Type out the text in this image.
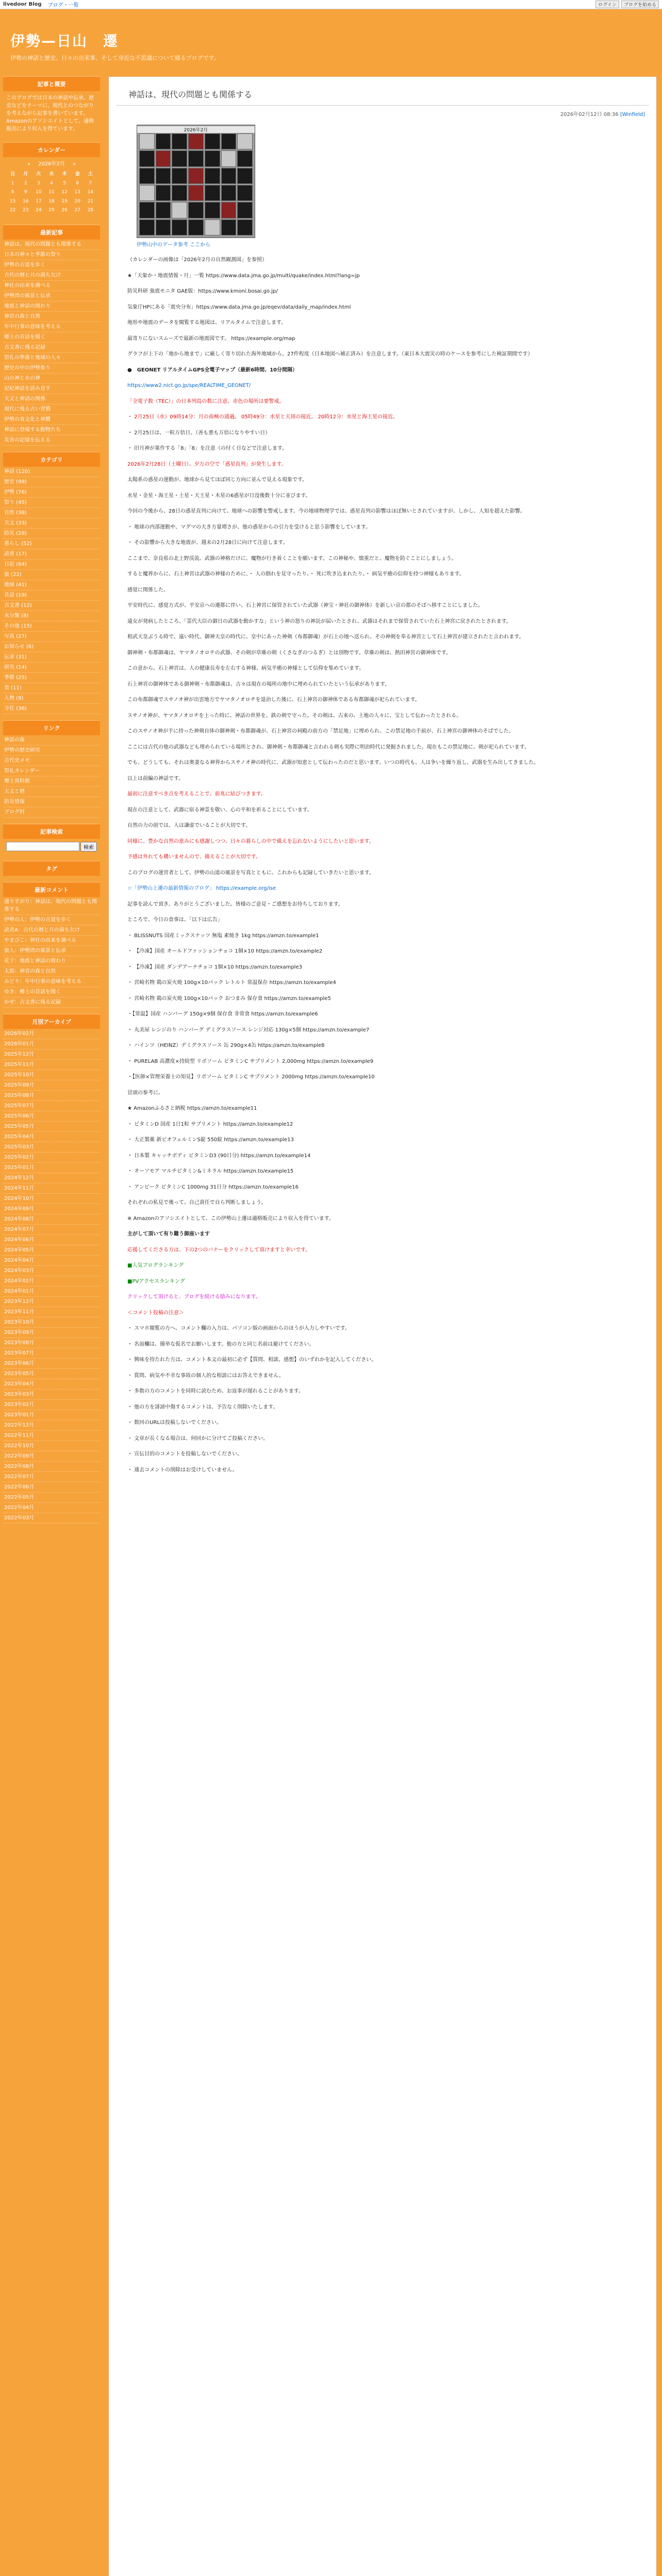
livedoor Blog ブログ・一覧	ログイン	ブログを始める
伊勢—日山　遷
伊勢の神話と歴史、日々の出来事、そして身近な不思議について綴るブログです。
記事と概要
このブログでは日本の神話や伝承、歴史などをテーマに、現代とのつながりを考えながら記事を書いています。Amazonのアソシエイトとして、適格販売により収入を得ています。
カレンダー
« 2026年2月 »
日	月	火	水	木	金	土
1	2	3	4	5	6	7
8	9	10	11	12	13	14
15	16	17	18	19	20	21
22	23	24	25	26	27	28
最新記事
神話は、現代の問題とも関係する
日本の神々と季節の祭り
伊勢の古道を歩く
古代の暦と月の満ち欠け
神社の由来を調べる
伊勢湾の風景と伝承
地震と神話の関わり
神宮の森と自然
年中行事の意味を考える
郷土の昔話を聞く
古文書に残る記録
祭礼の準備と地域の人々
歴史の中の伊勢参り
山の神と水の神
記紀神話を読み直す
天文と神話の関係
現代に残る古い習慣
伊勢の食文化と神饌
神話に登場する動物たち
災害の記憶を伝える
カテゴリ
神話 (120)
歴史 (98)
伊勢 (76)
祭り (45)
自然 (38)
天文 (33)
防災 (28)
暮らし (52)
読書 (17)
日記 (64)
旅 (22)
地域 (41)
昔話 (19)
古文書 (12)
未分類 (8)
その他 (15)
写真 (27)
お知らせ (6)
伝承 (31)
研究 (14)
季節 (25)
食 (11)
人物 (9)
寺社 (36)
リンク
神話の森
伊勢の歴史研究
古代史メモ
祭礼カレンダー
郷土資料館
天文と暦
防災情報
ブログ村
記事検索
検索
タグ
最新コメント
通りすがり：神話は、現代の問題とも関係する
伊勢の人：伊勢の古道を歩く
読者A：古代の暦と月の満ち欠け
やまびこ：神社の由来を調べる
旅人：伊勢湾の風景と伝承
花子：地震と神話の関わり
太郎：神宮の森と自然
みどり：年中行事の意味を考える
ゆき：郷土の昔話を聞く
かぜ：古文書に残る記録
月別アーカイブ
2026年02月
2026年01月
2025年12月
2025年11月
2025年10月
2025年09月
2025年08月
2025年07月
2025年06月
2025年05月
2025年04月
2025年03月
2025年02月
2025年01月
2024年12月
2024年11月
2024年10月
2024年09月
2024年08月
2024年07月
2024年06月
2024年05月
2024年04月
2024年03月
2024年02月
2024年01月
2023年12月
2023年11月
2023年10月
2023年09月
2023年08月
2023年07月
2023年06月
2023年05月
2023年04月
2023年03月
2023年02月
2023年01月
2022年12月
2022年11月
2022年10月
2022年09月
2022年08月
2022年07月
2022年06月
2022年05月
2022年04月
2022年03月
神話は、現代の問題とも関係する
2026年02月12日 08:36 [Winfield]
2026年2月
伊勢山中のデータ参考 ここから

（カレンダーの画像は「2026年2月の自然観測図」を参照）

★「天象か・地震情報・月」一覧 https://www.data.jma.go.jp/multi/quake/index.html?lang=jp

防災科研 強震モニタ GAE版：https://www.kmoni.bosai.go.jp/

気象庁HPにある「震央分布」https://www.data.jma.go.jp/eqev/data/daily_map/index.html

地形や地震のデータを閲覧する地図は、リアルタイムで注意します。

最寄りにないスムーズで最新の地震図です。 https://example.org/map

グラフが上下の「地から地まで」に厳しく寄り切れた海外地域から、27件程度（日本地図へ補正済み）を注意します。（東日本大震災の時のケースを参考にした検証期間です）

●　GEONET リアルタイムGPS全電子マップ（最新6時間、10分間隔）

https://www2.nict.go.jp/spe/REALTIME_GEONET/

「全電子数（TEC）」の日本列島の数に注意。赤色の場所は要警戒。

・ 2月25日（水）09時14分：月の南極の通過。 05時49分：水星と天頂の接近。 20時12分：水星と海王星の接近。

・ 2月25日は、一粒万倍日。（善も悪も万倍になりやすい日）

・ 旧月神が巣作する「8」「8」を注意（の付く日などで注意します。

2026年2月28日（土曜日）、夕方の空で「惑星直列」が発生します。

太陽系の惑星の運動が、地球から見てほぼ同じ方向に並んで見える現象です。

水星・金星・海王星・土星・天王星・木星の6惑星が日没後数十分に並びます。

今回の今後から、28日の惑星直列に向けて、地球への影響を警戒します。今の地球物理学では、惑星直列の影響はほぼ無いとされていますが、しかし、人知を超えた影響。

・ 地球の内部運動や、マグマの大き方量増さが、他の惑星からの引力を受けると思う影響をしています。

・ その影響から大きな地震が、週末の2月28日に向けて注意します。

ここまで、奈良県の北上野渓流、武器の神格だけに、魔物が行き着くことを願います。この神秘や、慎重だと、魔物を防ぐことにしましょう。

すると魔界からに、石上神宮は武器の神様のために、・ 人の倒れを見守ったり。・ 死に吹き込まれたり。・ 病気平癒の信仰を持つ神様もあります。

感覚に関係した。

平安時代に、感覚方式が、平安京への遷都に伴い、石上神宮に保管されていた武器（神宝・神社の御神体）を新しい京の都のそばへ移すことにしました。

遠女が発病したところ、「霊代大臣の御日の武器を動かすな」という神の怒りの神託が届いたとされ、武器はそれまで保管されていた石上神宮に戻されたとされます。

相武天皇ぶうる時で、遠い時代、御神天皇の時代に、皇中にあった神剣（布都御魂）が石上の地へ送られ、その神剣を奉る神宮として石上神宮が建立されたと言われます。

御神剣・布都御魂は、ヤマタノオロチの武器、その剣が草薙の剣（くさなぎのつるぎ）とは別物です。草薙の剣は、熱田神宮の御神体です。

この意から、石上神宮は、人の健康長寿を左右する神様、病気平癒の神様として信仰を集めています。

石上神宮の御神体である御神剣・布都御魂は、古々は現在の場所の地中に埋められていたという伝承があります。

この布都御魂でスサノオ神が出雲地方でヤマタノオロチを退治した後に、石上神宮の御神体である布都御魂が祀られています。

スサノオ神が、ヤマタノオロチを上った時に、神話の世界を、鉄の剣で守った。その剣は、古来の、土地の人々に、宝として伝わったとされる。

このスサノオ神が手に持った神剣自体の御神剣・布都御魂が、石上神宮の祠殿の前方の「禁足地」に埋められ、この禁足地の手前が、石上神宮の御神体のそばでした。

ここには古代の他の武器なども埋められている場所とされ、御神剣・布都御魂と言われる剣も実際に明治時代に発掘されました。現在もこの禁足地に、剣が祀られています。

でも、どうしても、それは奥妻なる神界からスサノオ神の時代に、武器が知恵として伝わったのだと思います。いつの時代も、人は争いを繰り返し、武器を生み出してきました。

以上は前編の神話です。

最初に注意すべき点を考えることで、前兆に結びつきます。

現在の注意として、武器に宿る神霊を敬い、心の平和を祈ることにしています。

自然の力の前では、人は謙虚でいることが大切です。

同様に、豊かな自然の恵みにも感謝しつつ、日々の暮らしの中で備えを忘れないようにしたいと思います。

予感は外れても構いませんので、備えることが大切です。

このブログの運営者として、伊勢の山道の風景を写真とともに、これからも記録していきたいと思います。

☆「伊勢山上遷の最新情報のブログ」 https://example.org/ise

記事を読んで頂き、ありがとうございました。皆様のご意見・ご感想をお待ちしております。

ところで、今日の食事は、「以下は広告」

・ BLISSNUTS 国産ミックスナッツ 無塩 素焼き 1kg https://amzn.to/example1

・ 【冷凍】国産 オールドファッションチョコ 1個×10 https://amzn.to/example2

・ 【冷凍】国産 ダンデアーナチョコ 1個×10 https://amzn.to/example3

・ 宮崎名物 鶏の炭火焼 100g×10パック レトルト 常温保存 https://amzn.to/example4

・ 宮崎名物 鶏の炭火焼 100g×10パック おつまみ 保存食 https://amzn.to/example5

・【常温】国産 ハンバーグ 150g×9個 保存食 非常食 https://amzn.to/example6

・ 丸美屋 レンジのり ハンバーグ デミグラスソース レンジ対応 130g×5個 https://amzn.to/example7

・ ハインツ（HEINZ）デミグラスソース 缶 290g×4缶 https://amzn.to/example8

・ PURELAB 高濃度×持続型 リポソーム ビタミンC サプリメント 2,000mg https://amzn.to/example9

・【医師×管理栄養士の知見】リポソーム ビタミンC サプリメント 2000mg https://amzn.to/example10

冒頭の参考に。

★ Amazonふるさと納税 https://amzn.to/example11

・ ビタミンD 国産 1日1粒 サプリメント https://amzn.to/example12

・ 大正製薬 新ビオフェルミンS錠 550錠 https://amzn.to/example13

・ 日本製 キャッチボディ ビタミンD3 (90日分) https://amzn.to/example14

・ オーソモア マルチビタミン&ミネラル https://amzn.to/example15

・ アンビーク ビタミンC 1000mg 31日分 https://amzn.to/example16

それぞれの私見で後って、自己責任で自ら判断しましょう。

※ Amazonのアソシエイトとして、この伊勢山上遷は適格販売により収入を得ています。

主がして頂いて有り難う御座います

応援してくださる方は、下の2つのバナーをクリックして頂けますと幸いです。

■人気ブログランキング

■PVアクセスランキング

クリックして頂けると、ブログを続ける励みになります。

＜コメント投稿の注意＞

・ スマホ閲覧の方へ、コメント欄の入力は、パソコン版の画面からのほうが入力しやすいです。

・ 名前欄は、簡単な仮名でお願いします。他の方と同じ名前は避けてください。

・ 興味を持たれた方は、コメント本文の最初に必ず【質問、相談、感想】のいずれかを記入してください。

・ 質問、病気や不幸な事故の個人的な相談にはお答えできません。

・ 多数の方のコメントを同時に読むため、お返事が遅れることがあります。

・ 他の方を誹謗中傷するコメントは、予告なく削除いたします。

・ 数回のURLは投稿しないでください。

・ 文章が長くなる場合は、何回かに分けてご投稿ください。

・ 宣伝目的のコメントを投稿しないでください。

・ 通去コメントの削除はお受けしていません。
